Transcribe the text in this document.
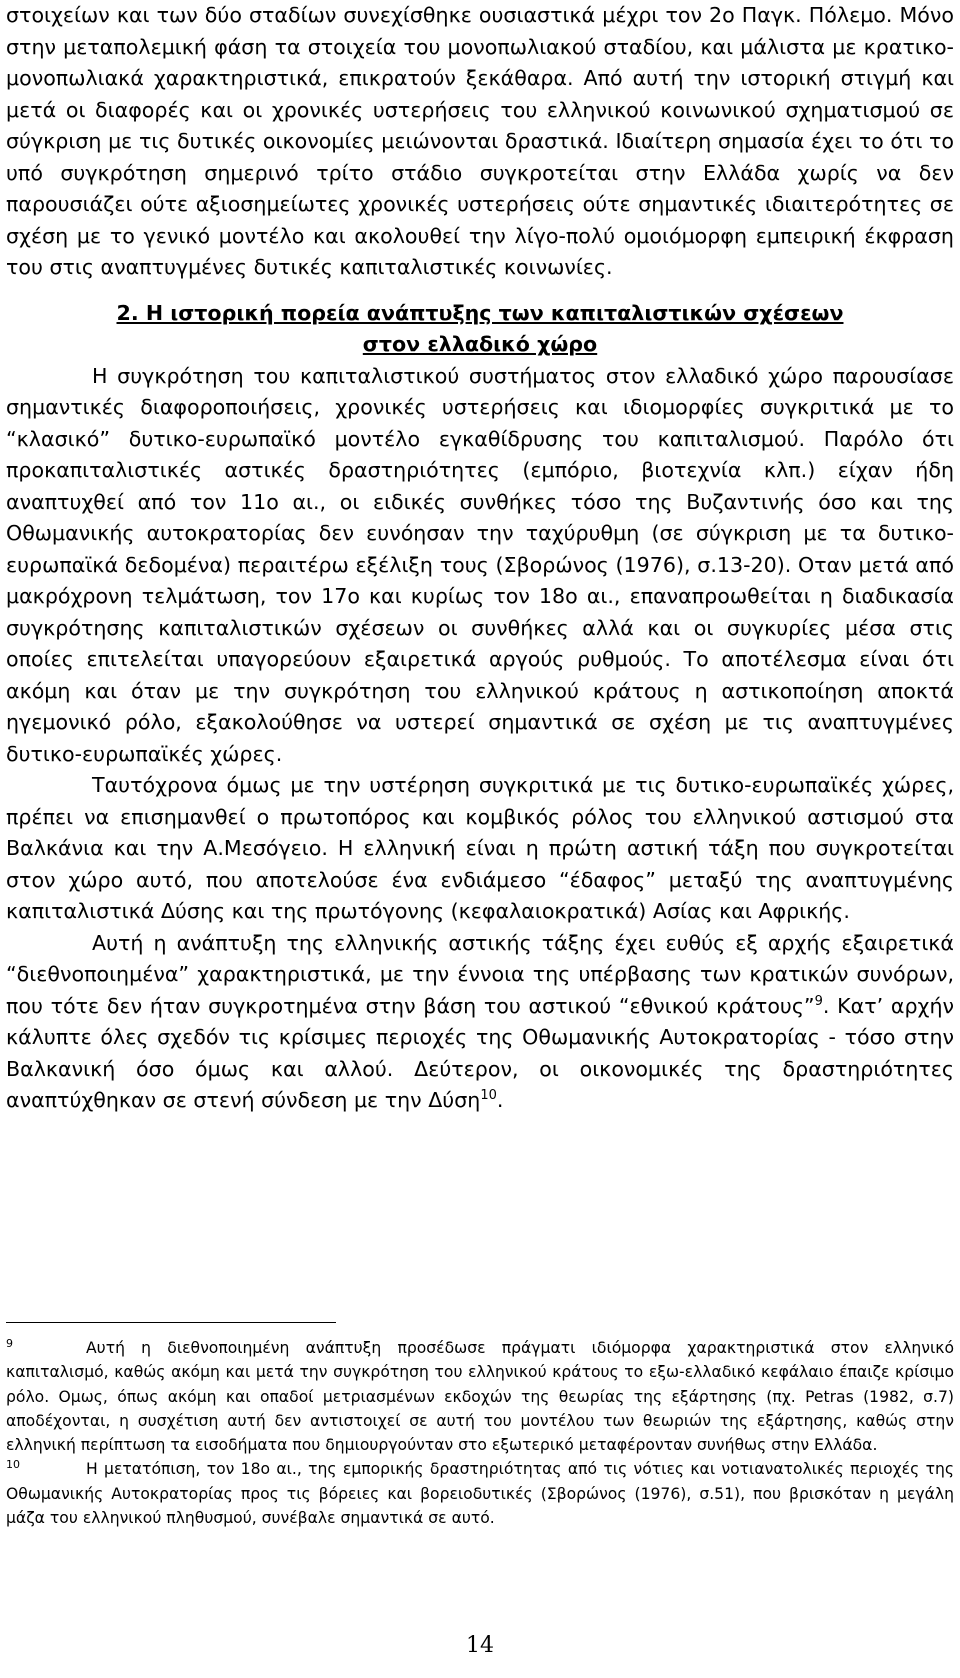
στοιχείων και των δύο σταδίων συνεχίσθηκε ουσιαστικά μέχρι τον 2ο Παγκ. Πόλεμο. Μόνο στην μεταπολεμική φάση τα στοιχεία του μονοπωλιακού σταδίου, και μάλιστα με κρατικο-μονοπωλιακά χαρακτηριστικά, επικρατούν ξεκάθαρα. Από αυτή την ιστορική στιγμή και μετά οι διαφορές και οι χρονικές υστερήσεις του ελληνικού κοινωνικού σχηματισμού σε σύγκριση με τις δυτικές οικονομίες μειώνονται δραστικά. Ιδιαίτερη σημασία έχει το ότι το υπό συγκρότηση σημερινό τρίτο στάδιο συγκροτείται στην Ελλάδα χωρίς να δεν παρουσιάζει ούτε αξιοσημείωτες χρονικές υστερήσεις ούτε σημαντικές ιδιαιτερότητες σε σχέση με το γενικό μοντέλο και ακολουθεί την λίγο-πολύ ομοιόμορφη εμπειρική έκφραση του στις αναπτυγμένες δυτικές καπιταλιστικές κοινωνίες.

2. Η ιστορική πορεία ανάπτυξης των καπιταλιστικών σχέσεων
στον ελλαδικό χώρο

Η συγκρότηση του καπιταλιστικού συστήματος στον ελλαδικό χώρο παρουσίασε σημαντικές διαφοροποιήσεις, χρονικές υστερήσεις και ιδιομορφίες συγκριτικά με το “κλασικό” δυτικο-ευρωπαϊκό μοντέλο εγκαθίδρυσης του καπιταλισμού. Παρόλο ότι προκαπιταλιστικές αστικές δραστηριότητες (εμπόριο, βιοτεχνία κλπ.) είχαν ήδη αναπτυχθεί από τον 11ο αι., οι ειδικές συνθήκες τόσο της Βυζαντινής όσο και της Οθωμανικής αυτοκρατορίας δεν ευνόησαν την ταχύρυθμη (σε σύγκριση με τα δυτικο-ευρωπαϊκά δεδομένα) περαιτέρω εξέλιξη τους (Σβορώνος (1976), σ.13-20). Οταν μετά από μακρόχρονη τελμάτωση, τον 17ο και κυρίως τον 18ο αι., επαναπροωθείται η διαδικασία συγκρότησης καπιταλιστικών σχέσεων οι συνθήκες αλλά και οι συγκυρίες μέσα στις οποίες επιτελείται υπαγορεύουν εξαιρετικά αργούς ρυθμούς. Το αποτέλεσμα είναι ότι ακόμη και όταν με την συγκρότηση του ελληνικού κράτους η αστικοποίηση αποκτά ηγεμονικό ρόλο, εξακολούθησε να υστερεί σημαντικά σε σχέση με τις αναπτυγμένες δυτικο-ευρωπαϊκές χώρες.

Ταυτόχρονα όμως με την υστέρηση συγκριτικά με τις δυτικο-ευρωπαϊκές χώρες, πρέπει να επισημανθεί ο πρωτοπόρος και κομβικός ρόλος του ελληνικού αστισμού στα Βαλκάνια και την Α.Μεσόγειο. Η ελληνική είναι η πρώτη αστική τάξη που συγκροτείται στον χώρο αυτό, που αποτελούσε ένα ενδιάμεσο “έδαφος” μεταξύ της αναπτυγμένης καπιταλιστικά Δύσης και της πρωτόγονης (κεφαλαιοκρατικά) Ασίας και Αφρικής.

Αυτή η ανάπτυξη της ελληνικής αστικής τάξης έχει ευθύς εξ αρχής εξαιρετικά “διεθνοποιημένα” χαρακτηριστικά, με την έννοια της υπέρβασης των κρατικών συνόρων, που τότε δεν ήταν συγκροτημένα στην βάση του αστικού “εθνικού κράτους”$^9$. Κατ’ αρχήν κάλυπτε όλες σχεδόν τις κρίσιμες περιοχές της Οθωμανικής Αυτοκρατορίας - τόσο στην Βαλκανική όσο όμως και αλλού. Δεύτερον, οι οικονομικές της δραστηριότητες αναπτύχθηκαν σε στενή σύνδεση με την Δύση$^{10}$.

9	Αυτή η διεθνοποιημένη ανάπτυξη προσέδωσε πράγματι ιδιόμορφα χαρακτηριστικά στον ελληνικό καπιταλισμό, καθώς ακόμη και μετά την συγκρότηση του ελληνικού κράτους το εξω-ελλαδικό κεφάλαιο έπαιζε κρίσιμο ρόλο. Ομως, όπως ακόμη και οπαδοί μετριασμένων εκδοχών της θεωρίας της εξάρτησης (πχ. Petras (1982, σ.7) αποδέχονται, η συσχέτιση αυτή δεν αντιστοιχεί σε αυτή του μοντέλου των θεωριών της εξάρτησης, καθώς στην ελληνική περίπτωση τα εισοδήματα που δημιουργούνταν στο εξωτερικό μεταφέρονταν συνήθως στην Ελλάδα.

10	Η μετατόπιση, τον 18ο αι., της εμπορικής δραστηριότητας από τις νότιες και νοτιανατολικές περιοχές της Οθωμανικής Αυτοκρατορίας προς τις βόρειες και βορειοδυτικές (Σβορώνος (1976), σ.51), που βρισκόταν η μεγάλη μάζα του ελληνικού πληθυσμού, συνέβαλε σημαντικά σε αυτό.

14
